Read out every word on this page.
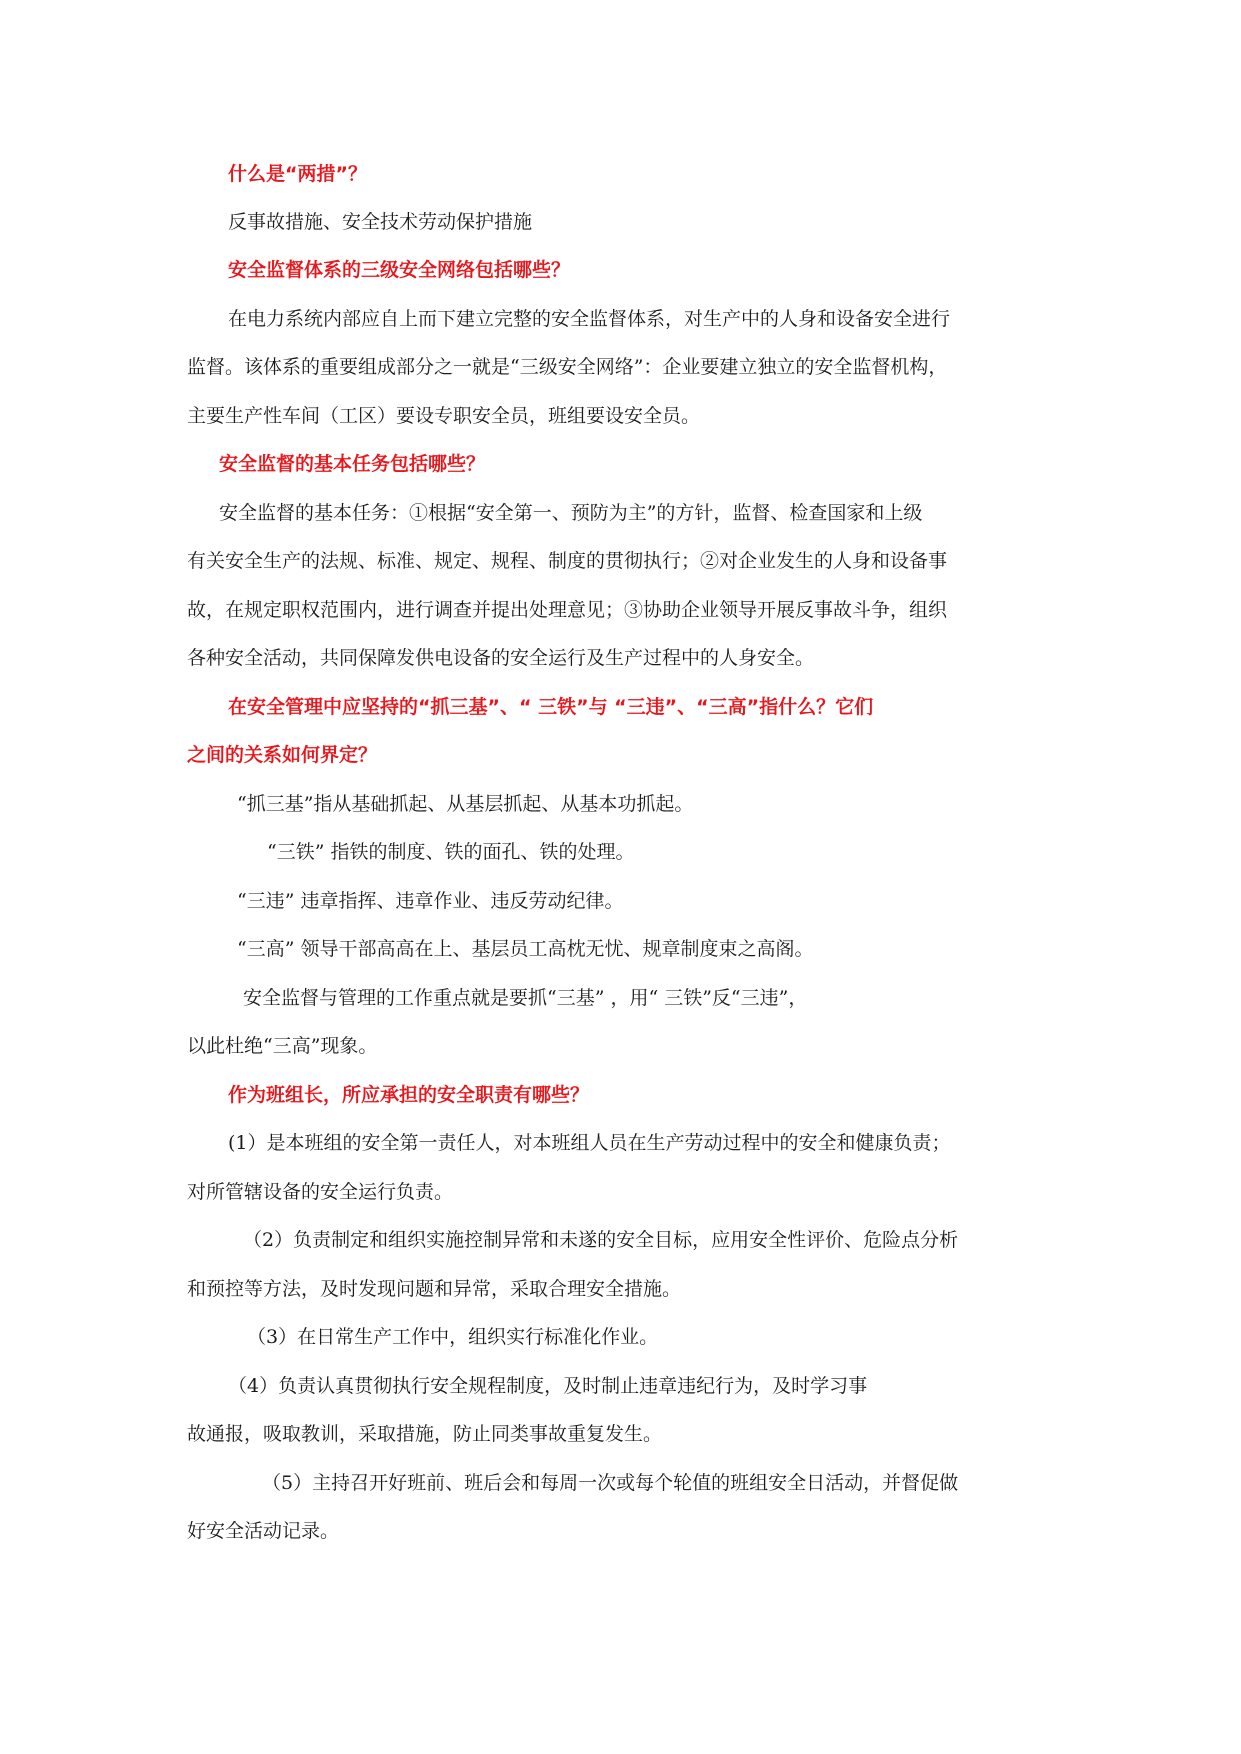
什么是“两措”？
反事故措施、安全技术劳动保护措施
安全监督体系的三级安全网络包括哪些？
在电力系统内部应自上而下建立完整的安全监督体系，对生产中的人身和设备安全进行
监督。该体系的重要组成部分之一就是“三级安全网络”：企业要建立独立的安全监督机构，
主要生产性车间（工区）要设专职安全员，班组要设安全员。
安全监督的基本任务包括哪些？
安全监督的基本任务：①根据“安全第一、预防为主”的方针，监督、检查国家和上级
有关安全生产的法规、标准、规定、规程、制度的贯彻执行；②对企业发生的人身和设备事
故，在规定职权范围内，进行调查并提出处理意见；③协助企业领导开展反事故斗争，组织
各种安全活动，共同保障发供电设备的安全运行及生产过程中的人身安全。
在安全管理中应坚持的“抓三基”、“ 三铁”与 “三违”、“三高”指什么？它们
之间的关系如何界定？
“抓三基”指从基础抓起、从基层抓起、从基本功抓起。
“三铁” 指铁的制度、铁的面孔、铁的处理。
“三违” 违章指挥、违章作业、违反劳动纪律。
“三高” 领导干部高高在上、基层员工高枕无忧、规章制度束之高阁。
安全监督与管理的工作重点就是要抓“三基” ，用“ 三铁”反“三违”，
以此杜绝“三高”现象。
作为班组长，所应承担的安全职责有哪些？
(1）是本班组的安全第一责任人，对本班组人员在生产劳动过程中的安全和健康负责；
对所管辖设备的安全运行负责。
（2）负责制定和组织实施控制异常和未遂的安全目标，应用安全性评价、危险点分析
和预控等方法，及时发现问题和异常，采取合理安全措施。
（3）在日常生产工作中，组织实行标准化作业。
（4）负责认真贯彻执行安全规程制度，及时制止违章违纪行为，及时学习事
故通报，吸取教训，采取措施，防止同类事故重复发生。
（5）主持召开好班前、班后会和每周一次或每个轮值的班组安全日活动，并督促做
好安全活动记录。
